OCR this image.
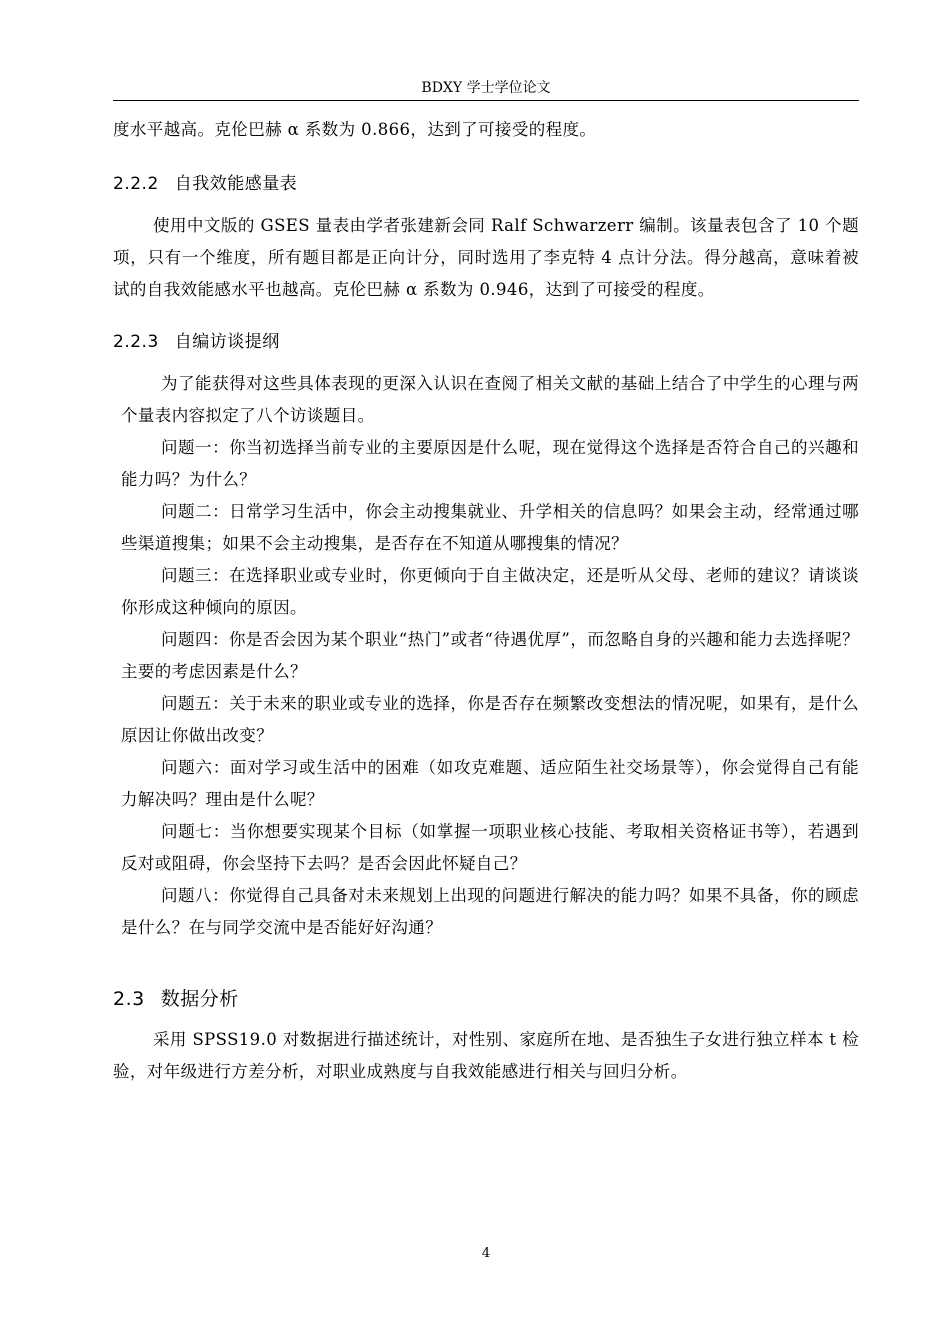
BDXY 学士学位论文

度水平越高。克伦巴赫 α 系数为 0.866，达到了可接受的程度。

2.2.2 自我效能感量表

使用中文版的 GSES 量表由学者张建新会同 Ralf Schwarzerr 编制。该量表包含了 10 个题项，只有一个维度，所有题目都是正向计分，同时选用了李克特 4 点计分法。得分越高，意味着被试的自我效能感水平也越高。克伦巴赫 α 系数为 0.946，达到了可接受的程度。

2.2.3 自编访谈提纲

为了能获得对这些具体表现的更深入认识在查阅了相关文献的基础上结合了中学生的心理与两个量表内容拟定了八个访谈题目。

问题一：你当初选择当前专业的主要原因是什么呢，现在觉得这个选择是否符合自己的兴趣和能力吗？为什么？

问题二：日常学习生活中，你会主动搜集就业、升学相关的信息吗？如果会主动，经常通过哪些渠道搜集；如果不会主动搜集，是否存在不知道从哪搜集的情况？

问题三：在选择职业或专业时，你更倾向于自主做决定，还是听从父母、老师的建议？请谈谈你形成这种倾向的原因。

问题四：你是否会因为某个职业“热门”或者“待遇优厚”，而忽略自身的兴趣和能力去选择呢？主要的考虑因素是什么？

问题五：关于未来的职业或专业的选择，你是否存在频繁改变想法的情况呢，如果有，是什么原因让你做出改变？

问题六：面对学习或生活中的困难（如攻克难题、适应陌生社交场景等），你会觉得自己有能力解决吗？理由是什么呢？

问题七：当你想要实现某个目标（如掌握一项职业核心技能、考取相关资格证书等），若遇到反对或阻碍，你会坚持下去吗？是否会因此怀疑自己？

问题八：你觉得自己具备对未来规划上出现的问题进行解决的能力吗？如果不具备，你的顾虑是什么？在与同学交流中是否能好好沟通？

2.3 数据分析

采用 SPSS19.0 对数据进行描述统计，对性别、家庭所在地、是否独生子女进行独立样本 t 检验，对年级进行方差分析，对职业成熟度与自我效能感进行相关与回归分析。

4
